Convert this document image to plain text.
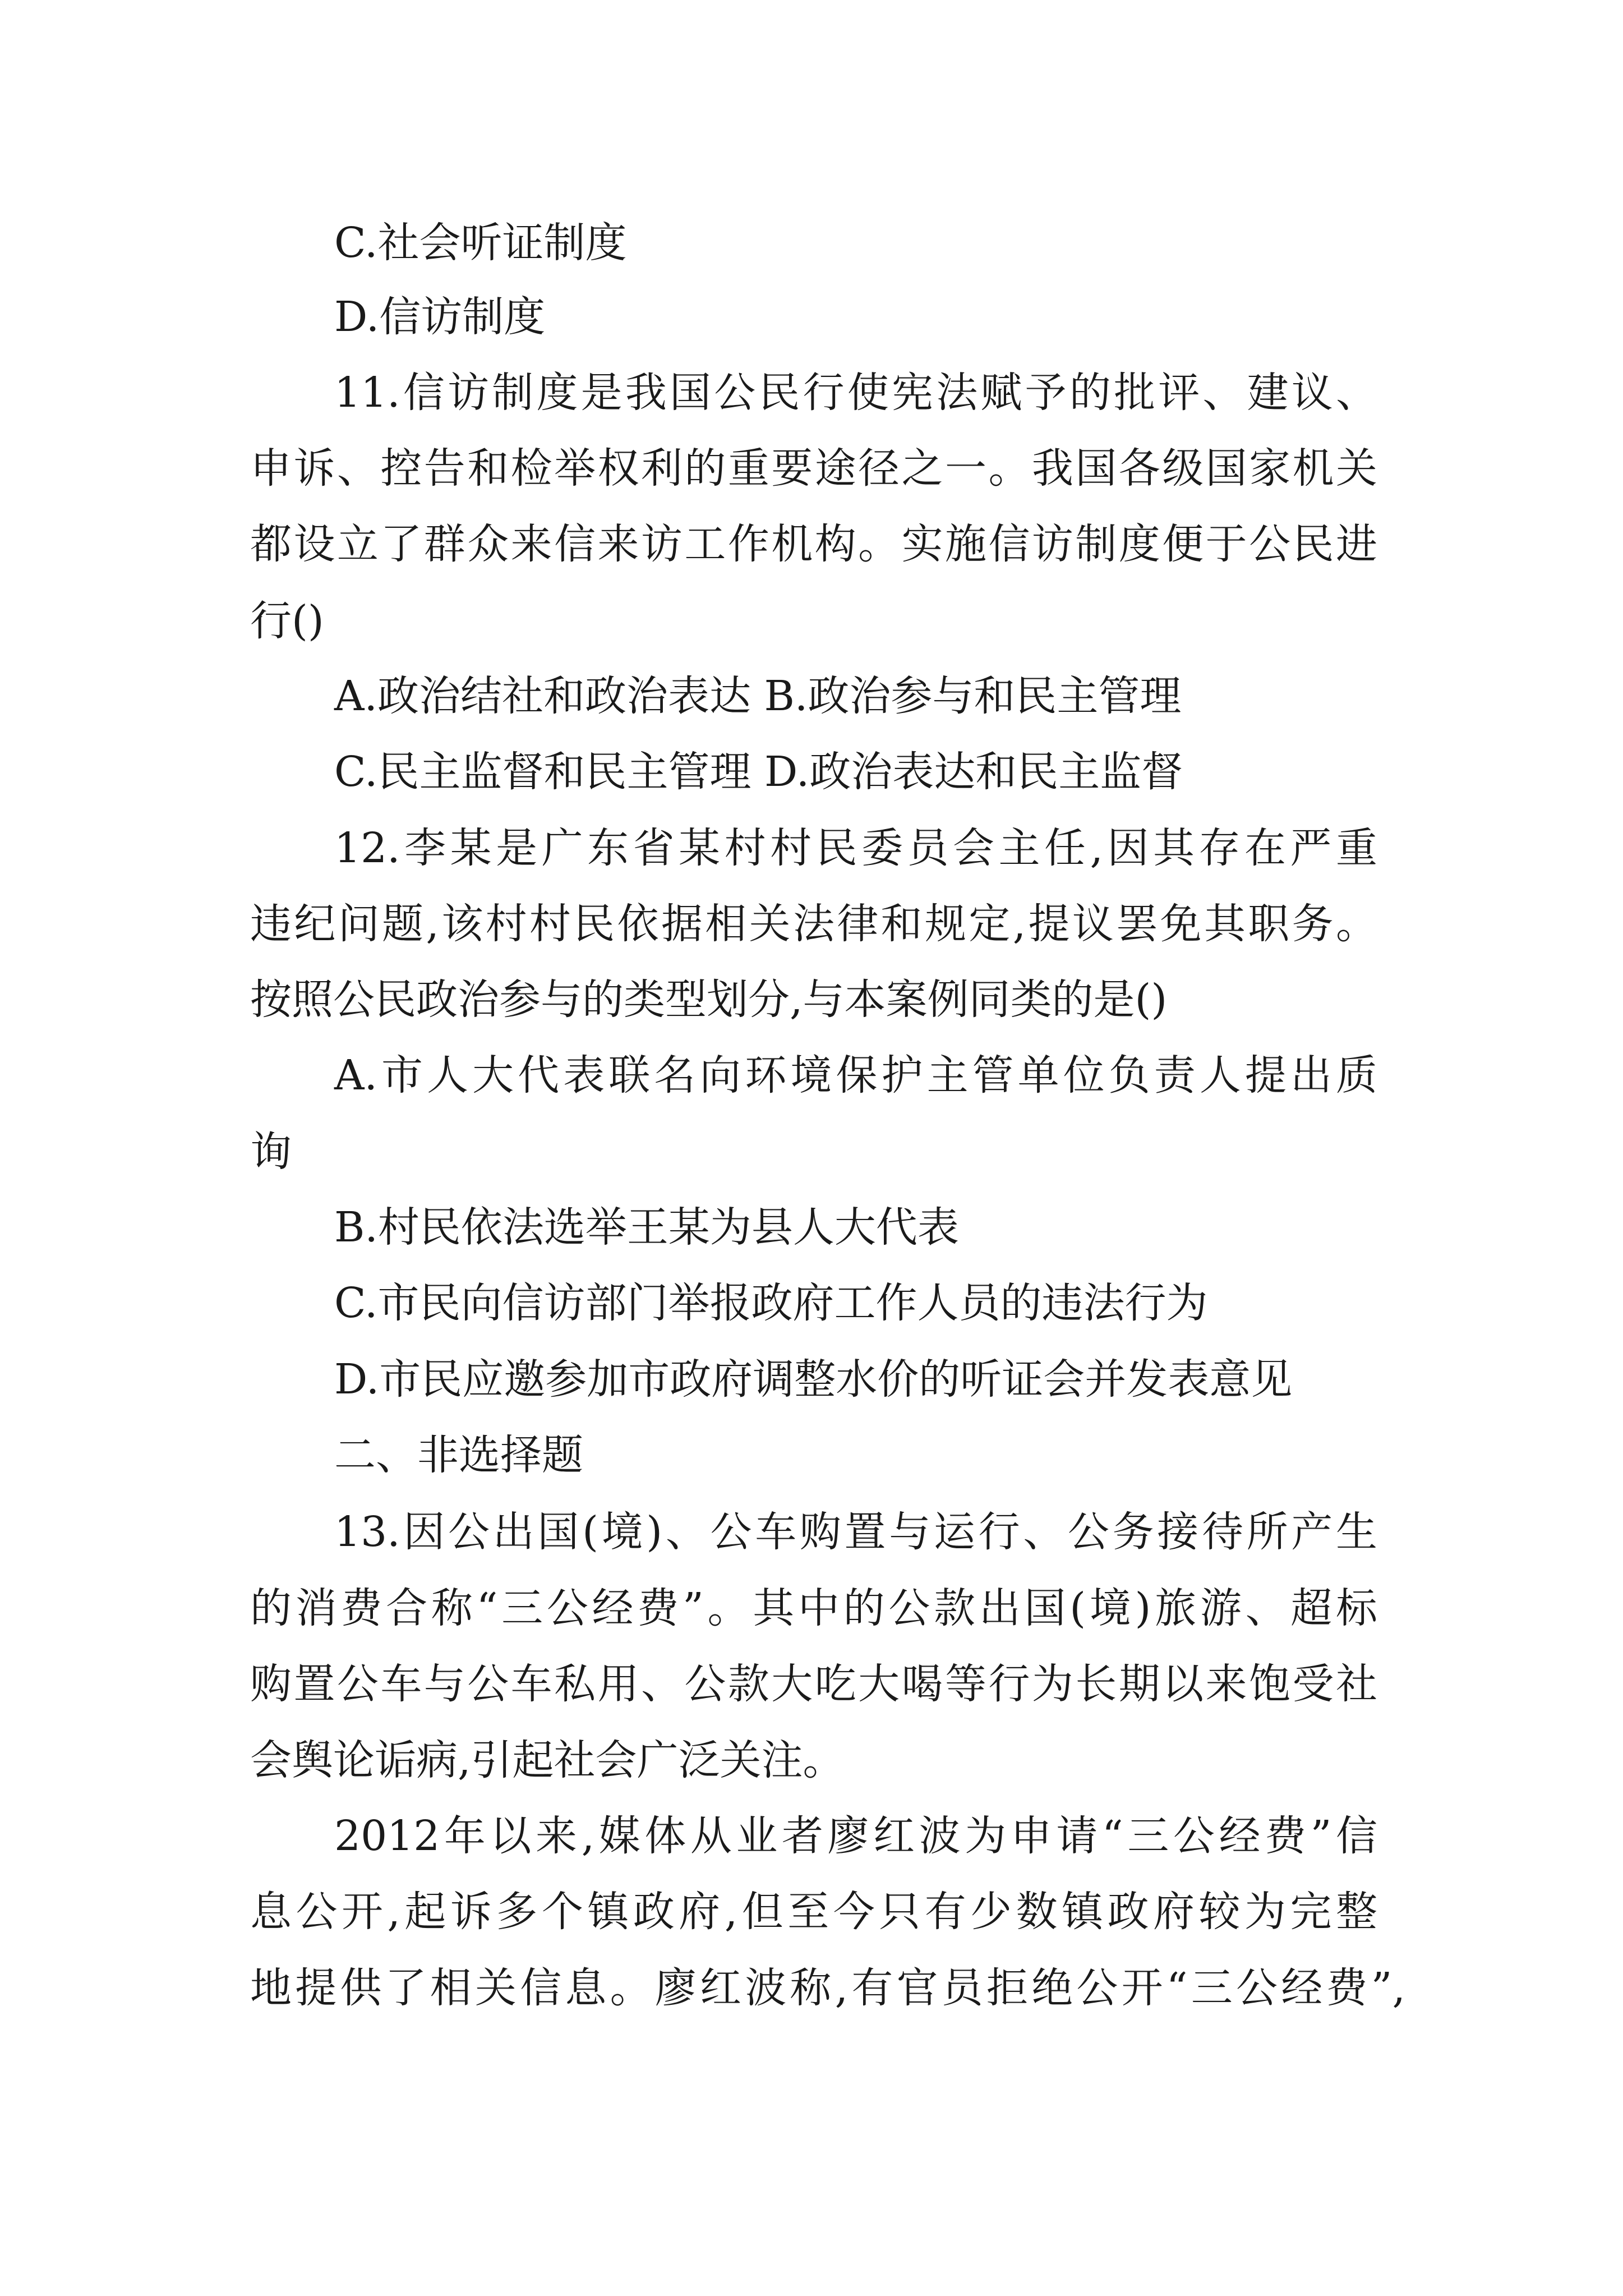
C.社会听证制度
D.信访制度
11.信访制度是我国公民行使宪法赋予的批评、建议、
申诉、控告和检举权利的重要途径之一。我国各级国家机关
都设立了群众来信来访工作机构。实施信访制度便于公民进
行()
A.政治结社和政治表达 B.政治参与和民主管理
C.民主监督和民主管理 D.政治表达和民主监督
12.李某是广东省某村村民委员会主任,因其存在严重
违纪问题,该村村民依据相关法律和规定,提议罢免其职务。
按照公民政治参与的类型划分,与本案例同类的是()
A.市人大代表联名向环境保护主管单位负责人提出质
询
B.村民依法选举王某为县人大代表
C.市民向信访部门举报政府工作人员的违法行为
D.市民应邀参加市政府调整水价的听证会并发表意见
二、非选择题
13.因公出国(境)、公车购置与运行、公务接待所产生
的消费合称“三公经费”。其中的公款出国(境)旅游、超标
购置公车与公车私用、公款大吃大喝等行为长期以来饱受社
会舆论诟病,引起社会广泛关注。
2012年以来,媒体从业者廖红波为申请“三公经费”信
息公开,起诉多个镇政府,但至今只有少数镇政府较为完整
地提供了相关信息。廖红波称,有官员拒绝公开“三公经费”,
